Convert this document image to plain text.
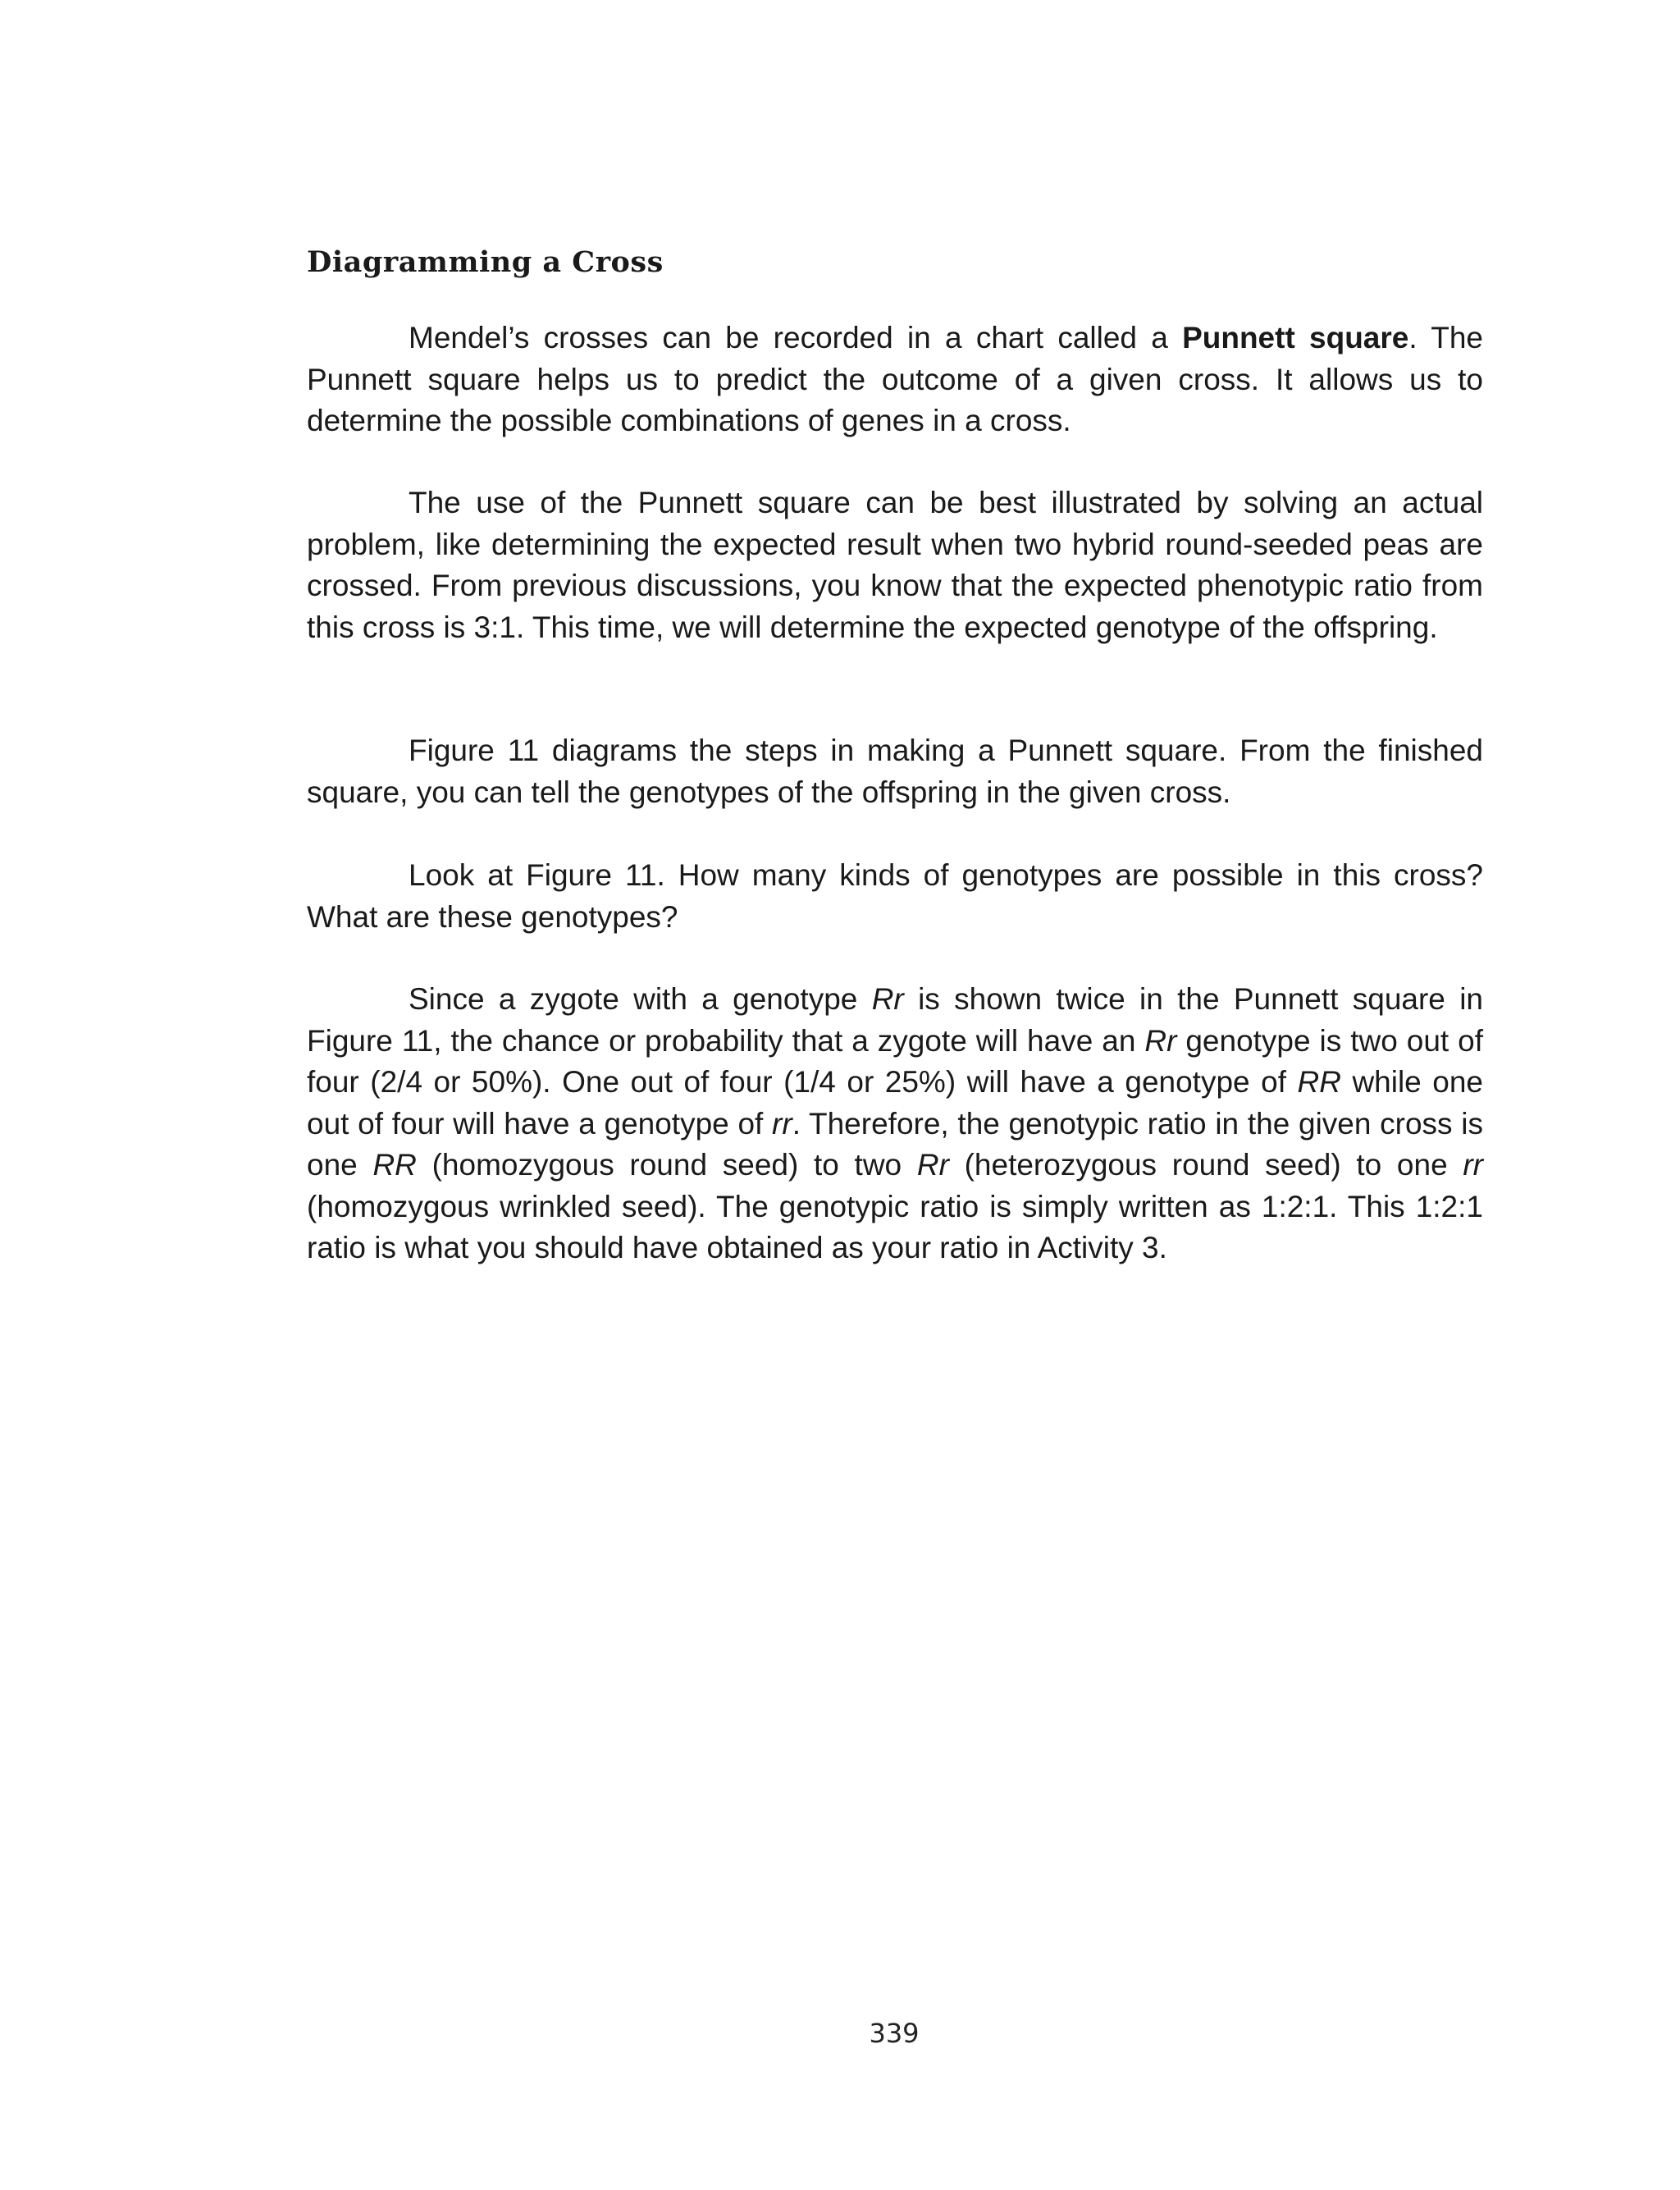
Diagramming a Cross

Mendel’s crosses can be recorded in a chart called a Punnett square. The Punnett square helps us to predict the outcome of a given cross. It allows us to determine the possible combinations of genes in a cross.

The use of the Punnett square can be best illustrated by solving an actual problem, like determining the expected result when two hybrid round-seeded peas are crossed. From previous discussions, you know that the expected phenotypic ratio from this cross is 3:1. This time, we will determine the expected genotype of the offspring.

Figure 11 diagrams the steps in making a Punnett square. From the finished square, you can tell the genotypes of the offspring in the given cross.

Look at Figure 11. How many kinds of genotypes are possible in this cross? What are these genotypes?

Since a zygote with a genotype Rr is shown twice in the Punnett square in Figure 11, the chance or probability that a zygote will have an Rr genotype is two out of four (2/4 or 50%). One out of four (1/4 or 25%) will have a genotype of RR while one out of four will have a genotype of rr. Therefore, the genotypic ratio in the given cross is one RR (homozygous round seed) to two Rr (heterozygous round seed) to one rr (homozygous wrinkled seed). The genotypic ratio is simply written as 1:2:1. This 1:2:1 ratio is what you should have obtained as your ratio in Activity 3.

339
